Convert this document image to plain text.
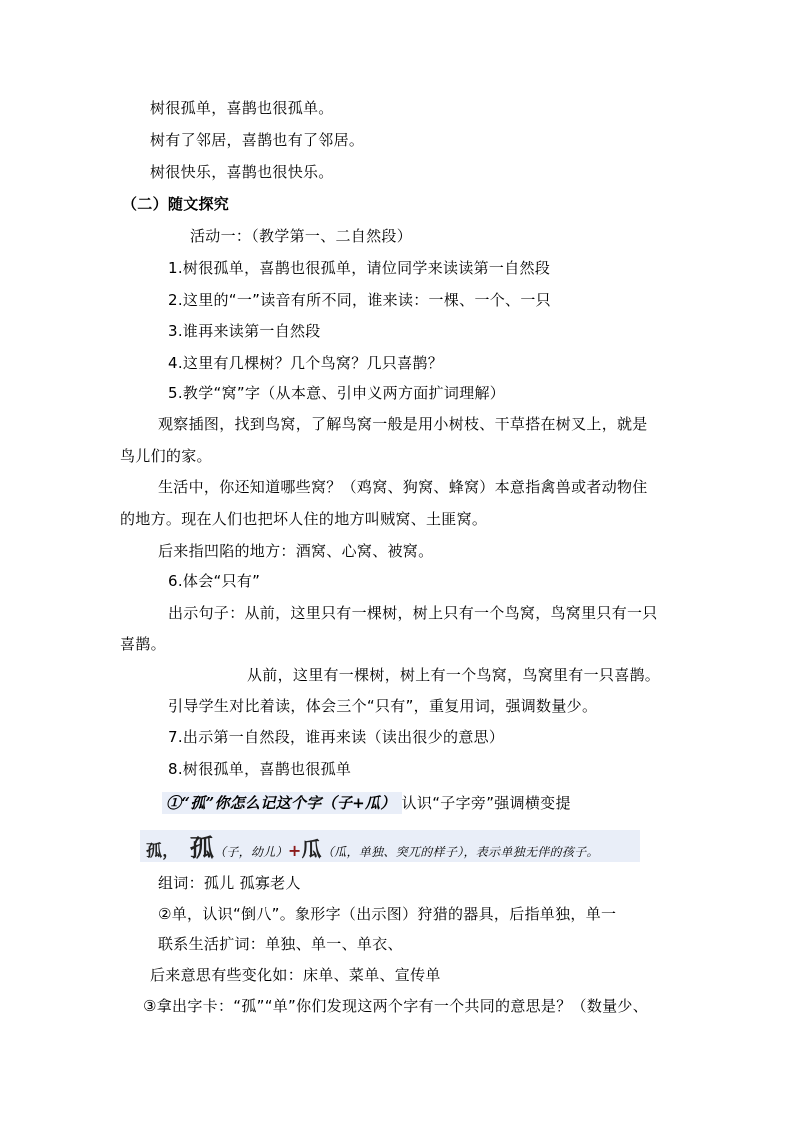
树很孤单，喜鹊也很孤单。
树有了邻居，喜鹊也有了邻居。
树很快乐，喜鹊也很快乐。
（二）随文探究
活动一：（教学第一、二自然段）
1.树很孤单，喜鹊也很孤单，请位同学来读读第一自然段
2.这里的“一”读音有所不同，谁来读：一棵、一个、一只
3.谁再来读第一自然段
4.这里有几棵树？几个鸟窝？几只喜鹊？
5.教学“窝”字（从本意、引申义两方面扩词理解）
观察插图，找到鸟窝，了解鸟窝一般是用小树枝、干草搭在树叉上，就是
鸟儿们的家。
生活中，你还知道哪些窝？（鸡窝、狗窝、蜂窝）本意指禽兽或者动物住
的地方。现在人们也把坏人住的地方叫贼窝、土匪窝。
后来指凹陷的地方：酒窝、心窝、被窝。
6.体会“只有”
出示句子：从前，这里只有一棵树，树上只有一个鸟窝，鸟窝里只有一只
喜鹊。
从前，这里有一棵树，树上有一个鸟窝，鸟窝里有一只喜鹊。
引导学生对比着读，体会三个“只有”，重复用词，强调数量少。
7.出示第一自然段，谁再来读（读出很少的意思）
8.树很孤单，喜鹊也很孤单
①“孤”你怎么记这个字（子+瓜） 认识“子字旁”强调横变提
孤， 孤（子，幼儿）+瓜（瓜，单独、突兀的样子），表示单独无伴的孩子。
组词：孤儿 孤寡老人
②单，认识“倒八”。象形字（出示图）狩猎的器具，后指单独，单一
联系生活扩词：单独、单一、单衣、
后来意思有些变化如：床单、菜单、宣传单
③拿出字卡：“孤”“单”你们发现这两个字有一个共同的意思是？（数量少、
